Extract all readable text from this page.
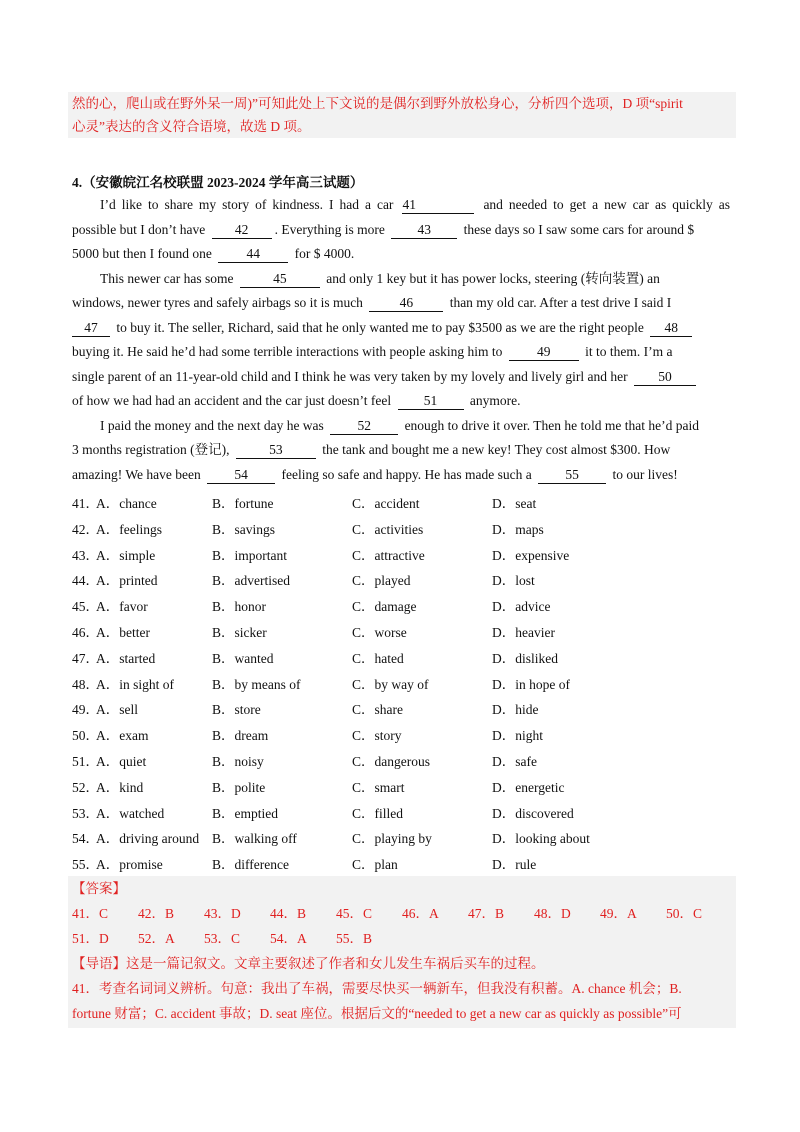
然的心，爬山或在野外呆一周)”可知此处上下文说的是偶尔到野外放松身心，分析四个选项，D 项“spirit
心灵”表达的含义符合语境，故选 D 项。
4.（安徽皖江名校联盟 2023-2024 学年高三试题）
I’d like to share my story of kindness. I had a car 41	and needed to get a new car as quickly as
possible but I don’t have 42 . Everything is more 43 these days so I saw some cars for around $
5000 but then I found one	44	for $ 4000.
This newer car has some	45	and only 1 key but it has power locks, steering (转向装置) an
windows, newer tyres and safely airbags so it is much	46	than my old car. After a test drive I said I
47 to buy it. The seller, Richard, said that he only wanted me to pay $3500 as we are the right people 48
buying it. He said he’d had some terrible interactions with people asking him to	49	it to them. I’m a
single parent of an 11-year-old child and I think he was very taken by my lovely and lively girl and her 50
of how we had had an accident and the car just doesn’t feel 51 anymore.
I paid the money and the next day he was 52 enough to drive it over. Then he told me that he’d paid
3 months registration (登记),	53	the tank and bought me a new key! They cost almost $300. How
amazing! We have been 54 feeling so safe and happy. He has made such a 55 to our lives!
41．
A．chance	B．fortune	C．accident	D．seat
42．
A．feelings	B．savings	C．activities	D．maps
43．
A．simple	B．important	C．attractive	D．expensive
44．
A．printed	B．advertised	C．played	D．lost
45．
A．favor	B．honor	C．damage	D．advice
46．
A．better	B．sicker	C．worse	D．heavier
47．
A．started	B．wanted	C．hated	D．disliked
48．
A．in sight of	B．by means of	C．by way of	D．in hope of
49．
A．sell	B．store	C．share	D．hide
50．
A．exam	B．dream	C．story	D．night
51．
A．quiet	B．noisy	C．dangerous	D．safe
52．
A．kind	B．polite	C．smart	D．energetic
53．
A．watched	B．emptied	C．filled	D．discovered
54．
A．driving around B．walking off	C．playing by	D．looking about
55．
A．promise	B．difference	C．plan	D．rule
【答案】
41．C 42．B 43．D 44．B 45．C 46．A 47．B 48．D 49．A 50．C
51．D 52．A 53．C 54．A 55．B
【导语】这是一篇记叙文。文章主要叙述了作者和女儿发生车祸后买车的过程。
41．考查名词词义辨析。句意：我出了车祸，需要尽快买一辆新车，但我没有积蓄。A. chance 机会；B.
fortune 财富；C. accident 事故；D. seat 座位。根据后文的“needed to get a new car as quickly as possible”可
